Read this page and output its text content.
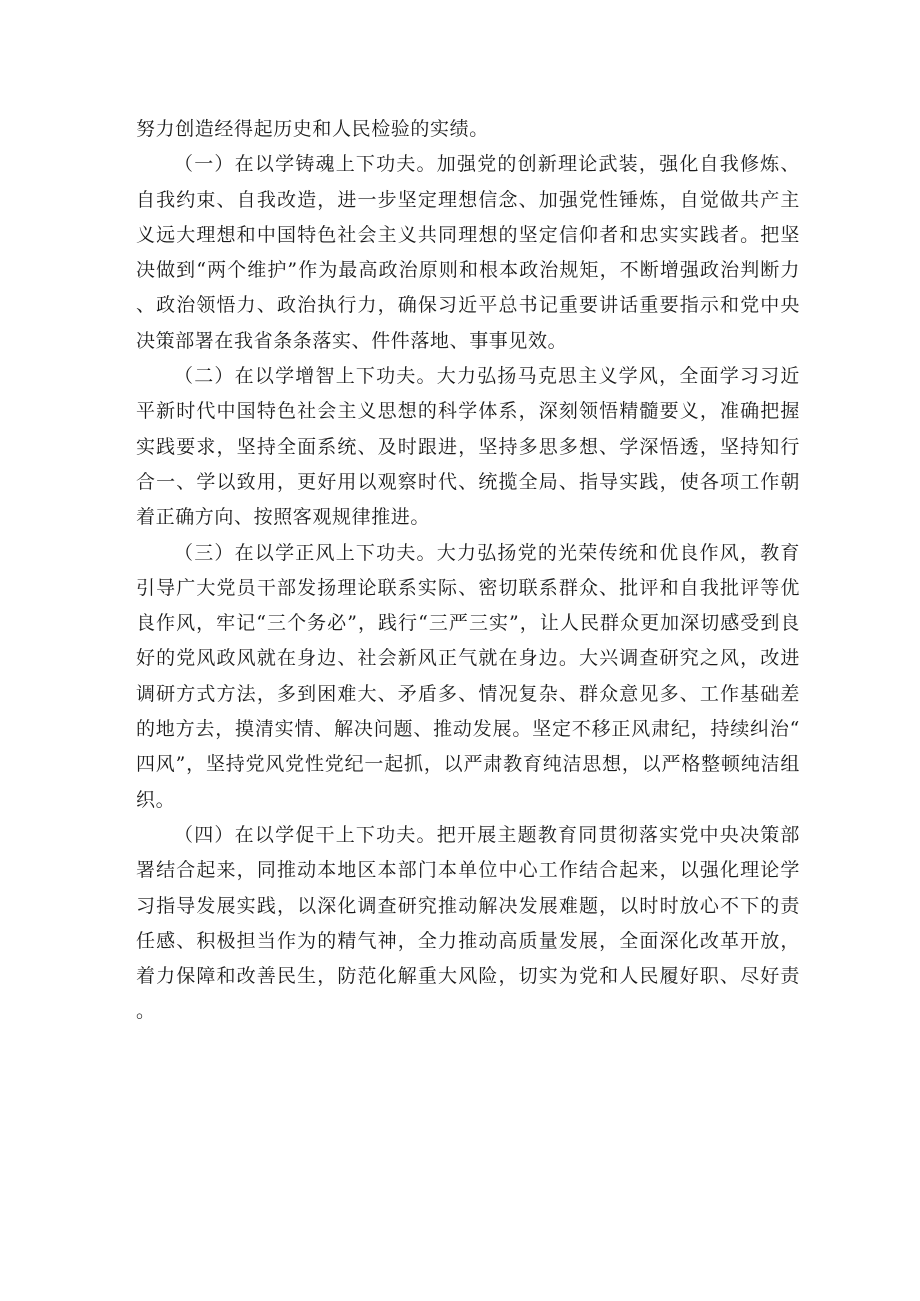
努力创造经得起历史和人民检验的实绩。

（一）在以学铸魂上下功夫。加强党的创新理论武装，强化自我修炼、自我约束、自我改造，进一步坚定理想信念、加强党性锤炼，自觉做共产主义远大理想和中国特色社会主义共同理想的坚定信仰者和忠实实践者。把坚决做到“两个维护”作为最高政治原则和根本政治规矩，不断增强政治判断力、政治领悟力、政治执行力，确保习近平总书记重要讲话重要指示和党中央决策部署在我省条条落实、件件落地、事事见效。

（二）在以学增智上下功夫。大力弘扬马克思主义学风，全面学习习近平新时代中国特色社会主义思想的科学体系，深刻领悟精髓要义，准确把握实践要求，坚持全面系统、及时跟进，坚持多思多想、学深悟透，坚持知行合一、学以致用，更好用以观察时代、统揽全局、指导实践，使各项工作朝着正确方向、按照客观规律推进。

（三）在以学正风上下功夫。大力弘扬党的光荣传统和优良作风，教育引导广大党员干部发扬理论联系实际、密切联系群众、批评和自我批评等优良作风，牢记“三个务必”，践行“三严三实”，让人民群众更加深切感受到良好的党风政风就在身边、社会新风正气就在身边。大兴调查研究之风，改进调研方式方法，多到困难大、矛盾多、情况复杂、群众意见多、工作基础差的地方去，摸清实情、解决问题、推动发展。坚定不移正风肃纪，持续纠治“四风”，坚持党风党性党纪一起抓，以严肃教育纯洁思想，以严格整顿纯洁组织。

（四）在以学促干上下功夫。把开展主题教育同贯彻落实党中央决策部署结合起来，同推动本地区本部门本单位中心工作结合起来，以强化理论学习指导发展实践，以深化调查研究推动解决发展难题，以时时放心不下的责任感、积极担当作为的精气神，全力推动高质量发展，全面深化改革开放，着力保障和改善民生，防范化解重大风险，切实为党和人民履好职、尽好责。
